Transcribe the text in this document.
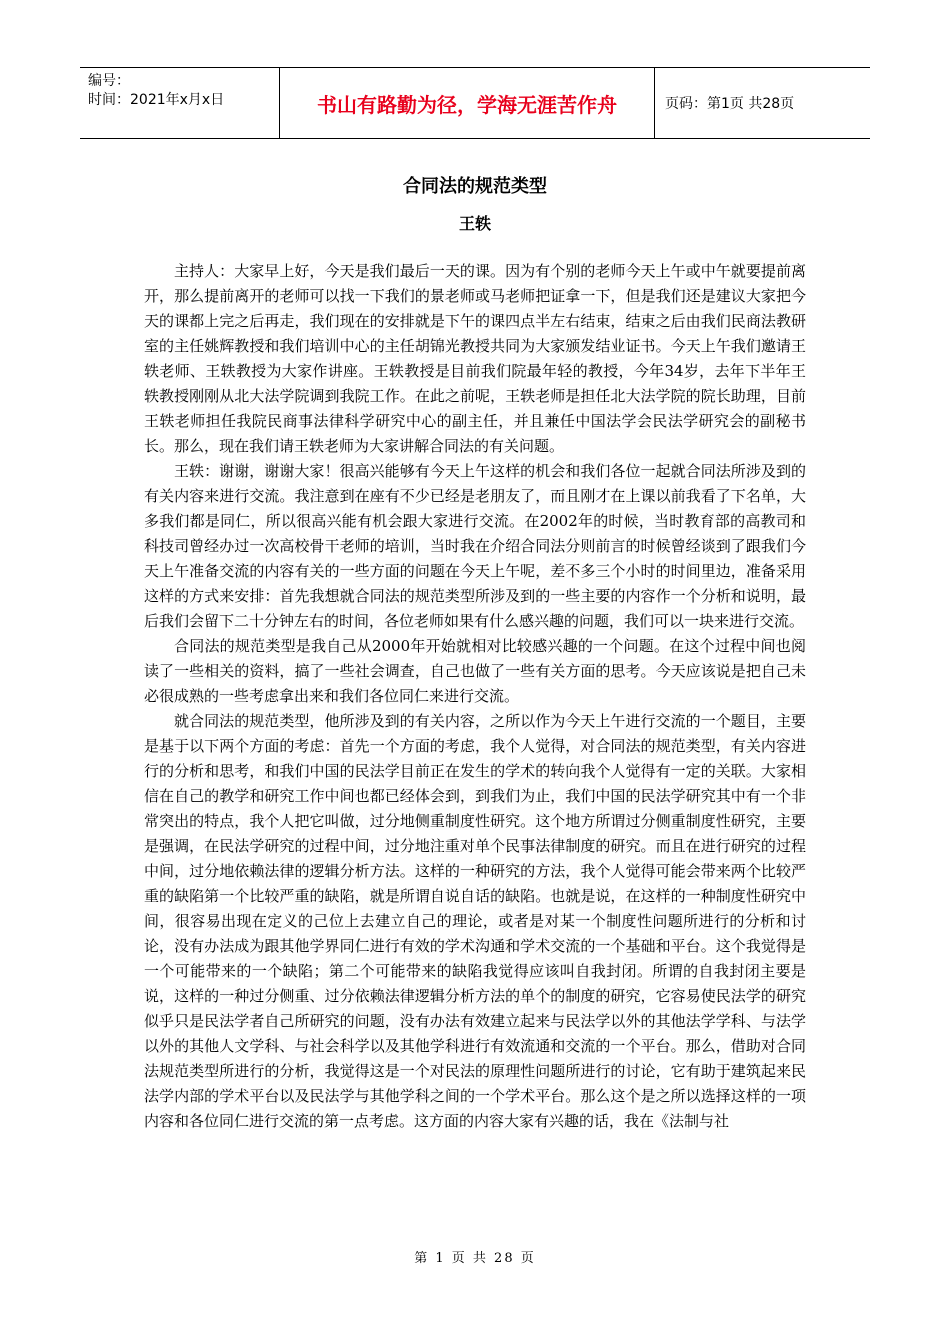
编号：
时间：2021年x月x日	书山有路勤为径，学海无涯苦作舟	页码：第1页 共28页
合同法的规范类型
王轶

主持人：大家早上好，今天是我们最后一天的课。因为有个别的老师今天上午或中午就要提前离开，那么提前离开的老师可以找一下我们的景老师或马老师把证拿一下，但是我们还是建议大家把今天的课都上完之后再走，我们现在的安排就是下午的课四点半左右结束，结束之后由我们民商法教研室的主任姚辉教授和我们培训中心的主任胡锦光教授共同为大家颁发结业证书。今天上午我们邀请王轶老师、王轶教授为大家作讲座。王轶教授是目前我们院最年轻的教授，今年34岁，去年下半年王轶教授刚刚从北大法学院调到我院工作。在此之前呢，王轶老师是担任北大法学院的院长助理，目前王轶老师担任我院民商事法律科学研究中心的副主任，并且兼任中国法学会民法学研究会的副秘书长。那么，现在我们请王轶老师为大家讲解合同法的有关问题。

王轶：谢谢，谢谢大家！很高兴能够有今天上午这样的机会和我们各位一起就合同法所涉及到的有关内容来进行交流。我注意到在座有不少已经是老朋友了，而且刚才在上课以前我看了下名单，大多我们都是同仁，所以很高兴能有机会跟大家进行交流。在2002年的时候，当时教育部的高教司和科技司曾经办过一次高校骨干老师的培训，当时我在介绍合同法分则前言的时候曾经谈到了跟我们今天上午准备交流的内容有关的一些方面的问题在今天上午呢，差不多三个小时的时间里边，准备采用这样的方式来安排：首先我想就合同法的规范类型所涉及到的一些主要的内容作一个分析和说明，最后我们会留下二十分钟左右的时间，各位老师如果有什么感兴趣的问题，我们可以一块来进行交流。

合同法的规范类型是我自己从2000年开始就相对比较感兴趣的一个问题。在这个过程中间也阅读了一些相关的资料，搞了一些社会调查，自己也做了一些有关方面的思考。今天应该说是把自己未必很成熟的一些考虑拿出来和我们各位同仁来进行交流。

就合同法的规范类型，他所涉及到的有关内容，之所以作为今天上午进行交流的一个题目，主要是基于以下两个方面的考虑：首先一个方面的考虑，我个人觉得，对合同法的规范类型，有关内容进行的分析和思考，和我们中国的民法学目前正在发生的学术的转向我个人觉得有一定的关联。大家相信在自己的教学和研究工作中间也都已经体会到，到我们为止，我们中国的民法学研究其中有一个非常突出的特点，我个人把它叫做，过分地侧重制度性研究。这个地方所谓过分侧重制度性研究，主要是强调，在民法学研究的过程中间，过分地注重对单个民事法律制度的研究。而且在进行研究的过程中间，过分地依赖法律的逻辑分析方法。这样的一种研究的方法，我个人觉得可能会带来两个比较严重的缺陷第一个比较严重的缺陷，就是所谓自说自话的缺陷。也就是说，在这样的一种制度性研究中间，很容易出现在定义的己位上去建立自己的理论，或者是对某一个制度性问题所进行的分析和讨论，没有办法成为跟其他学界同仁进行有效的学术沟通和学术交流的一个基础和平台。这个我觉得是一个可能带来的一个缺陷；第二个可能带来的缺陷我觉得应该叫自我封闭。所谓的自我封闭主要是说，这样的一种过分侧重、过分依赖法律逻辑分析方法的单个的制度的研究，它容易使民法学的研究似乎只是民法学者自己所研究的问题，没有办法有效建立起来与民法学以外的其他法学学科、与法学以外的其他人文学科、与社会科学以及其他学科进行有效流通和交流的一个平台。那么，借助对合同法规范类型所进行的分析，我觉得这是一个对民法的原理性问题所进行的讨论，它有助于建筑起来民法学内部的学术平台以及民法学与其他学科之间的一个学术平台。那么这个是之所以选择这样的一项内容和各位同仁进行交流的第一点考虑。这方面的内容大家有兴趣的话，我在《法制与社

第 1 页 共 28 页
